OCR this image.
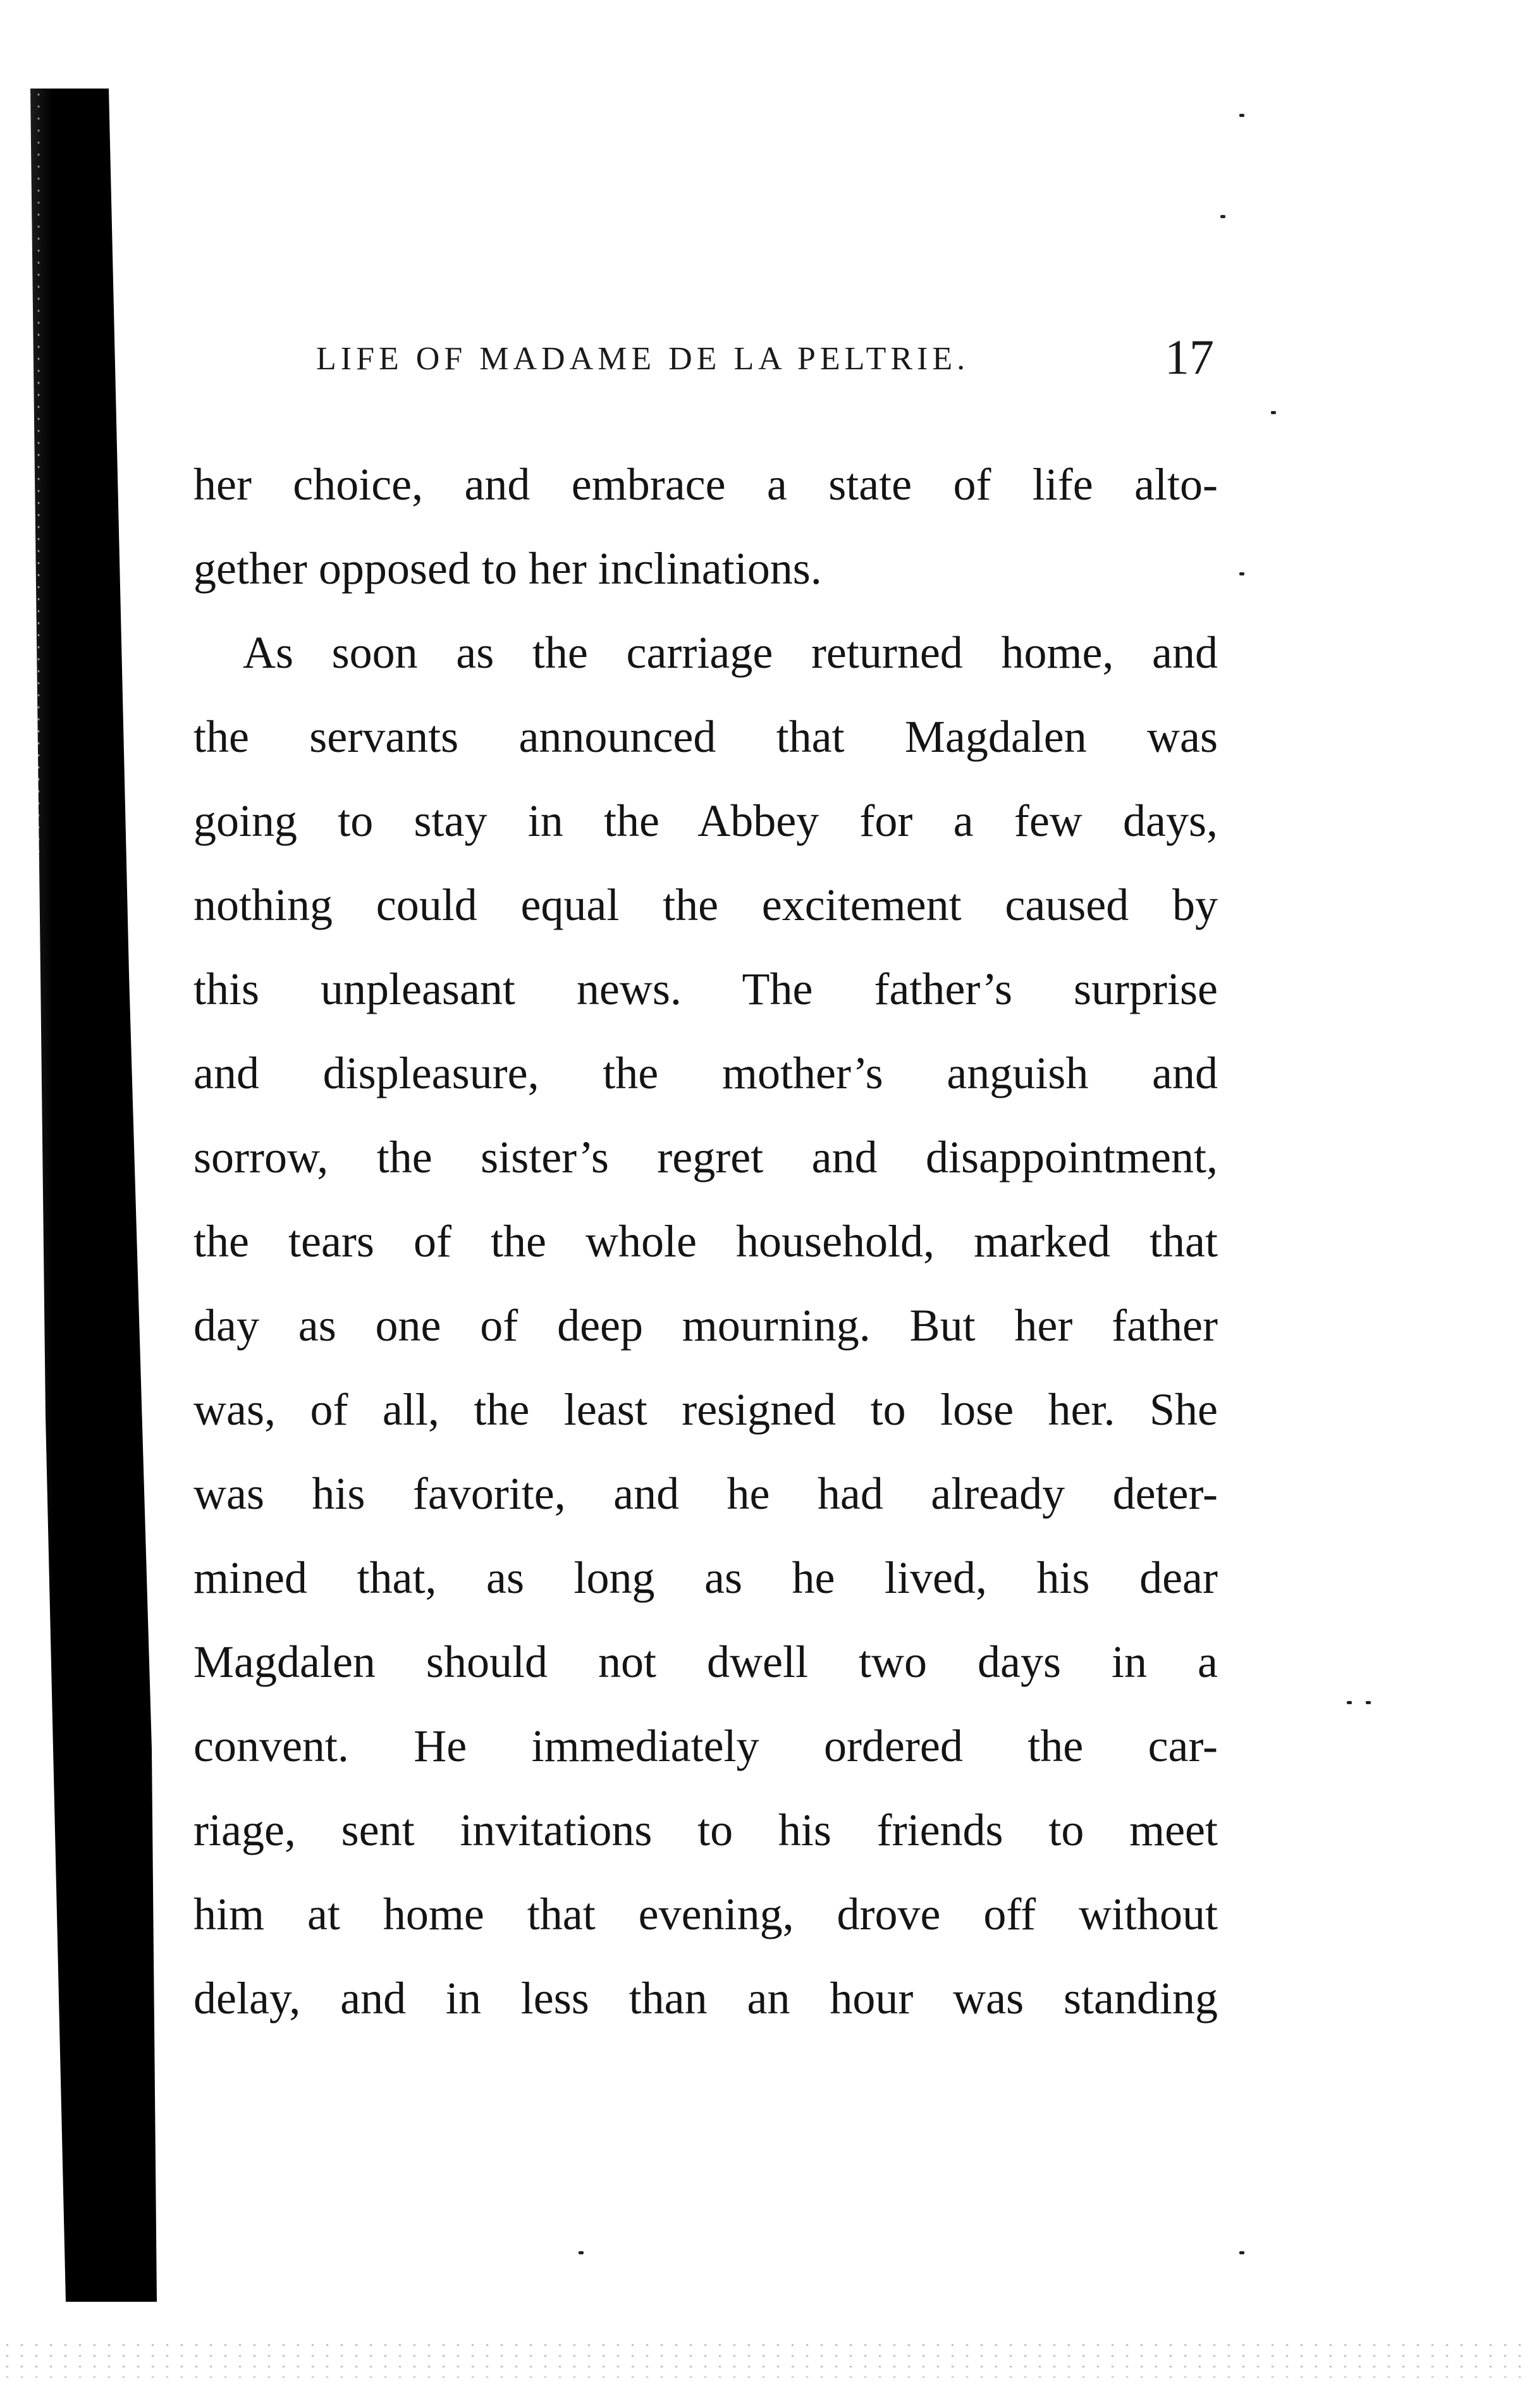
LIFE OF MADAME DE LA PELTRIE.	17
her choice, and embrace a state of life alto-
gether opposed to her inclinations.
As soon as the carriage returned home, and
the servants announced that Magdalen was
going to stay in the Abbey for a few days,
nothing could equal the excitement caused by
this unpleasant news. The father’s surprise
and displeasure, the mother’s anguish and
sorrow, the sister’s regret and disappointment,
the tears of the whole household, marked that
day as one of deep mourning. But her father
was, of all, the least resigned to lose her. She
was his favorite, and he had already deter-
mined that, as long as he lived, his dear
Magdalen should not dwell two days in a
convent. He immediately ordered the car-
riage, sent invitations to his friends to meet
him at home that evening, drove off without
delay, and in less than an hour was standing
